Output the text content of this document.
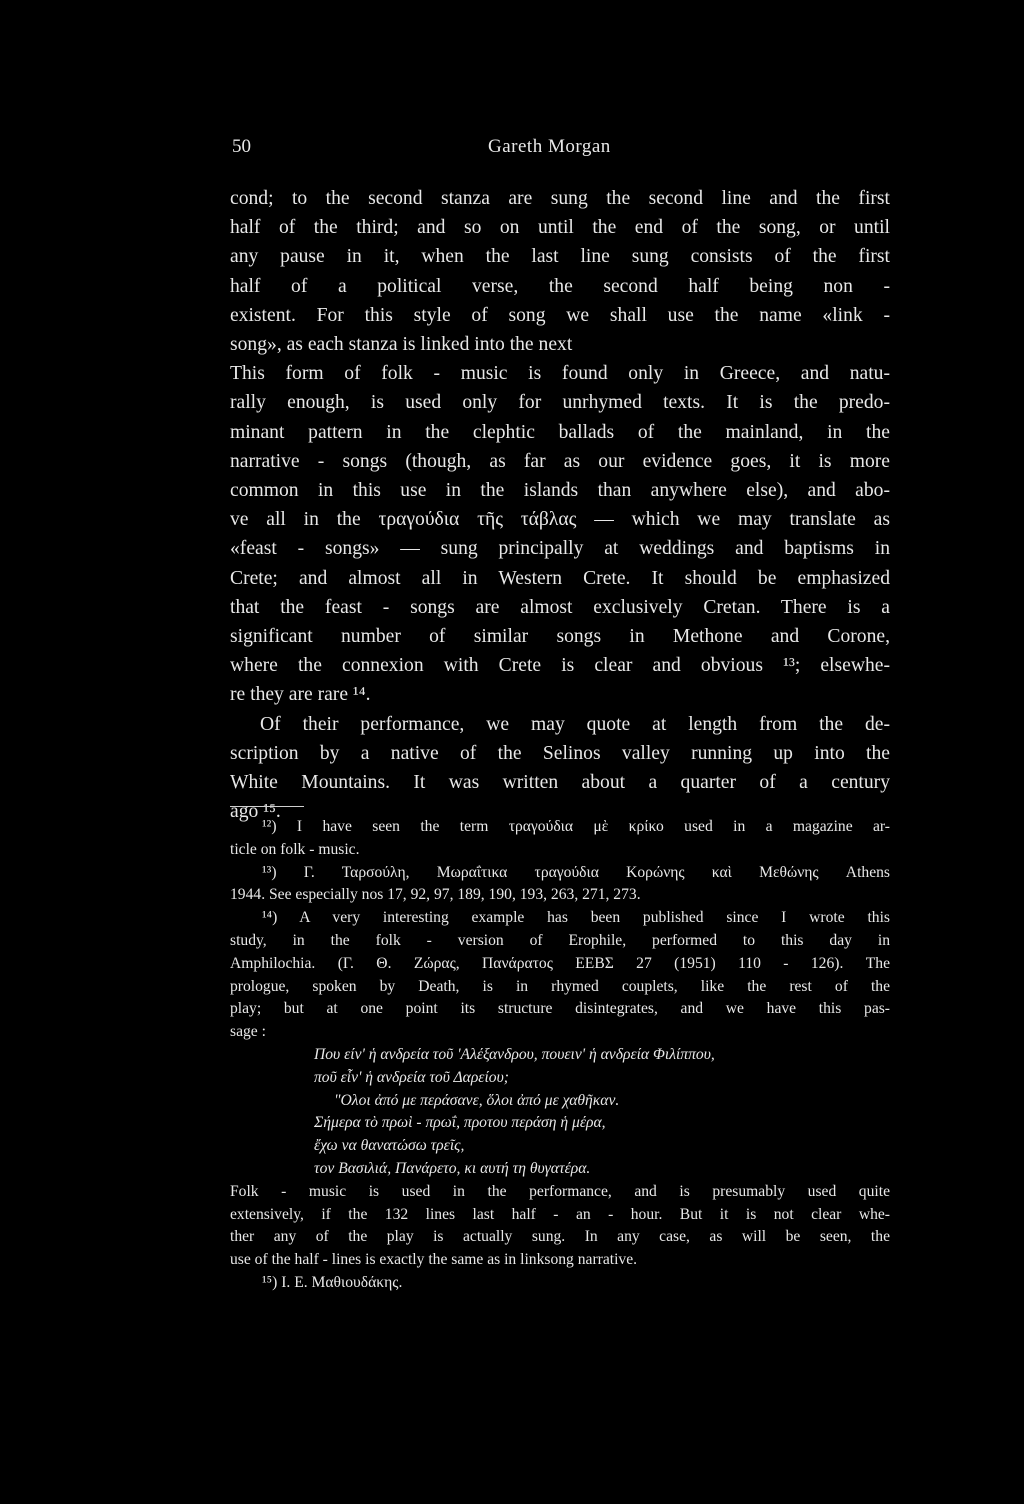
50	Gareth Morgan
cond; to the second stanza are sung the second line and the first
half of the third; and so on until the end of the song, or until
any pause in it, when the last line sung consists of the first
half of a political verse, the second half being non -
existent. For this style of song we shall use the name «link -
song», as each stanza is linked into the next
This form of folk - music is found only in Greece, and natu-
rally enough, is used only for unrhymed texts. It is the predo-
minant pattern in the clephtic ballads of the mainland, in the
narrative - songs (though, as far as our evidence goes, it is more
common in this use in the islands than anywhere else), and abo-
ve all in the τραγούδια τῆς τάβλας — which we may translate as
«feast - songs» — sung principally at weddings and baptisms in
Crete; and almost all in Western Crete. It should be emphasized
that the feast - songs are almost exclusively Cretan. There is a
significant number of similar songs in Methone and Corone,
where the connexion with Crete is clear and obvious ¹³; elsewhe-
re they are rare ¹⁴.
Of their performance, we may quote at length from the de-
scription by a native of the Selinos valley running up into the
White Mountains. It was written about a quarter of a century
ago ¹⁵.
¹²) I have seen the term τραγούδια μὲ κρίκο used in a magazine ar-
ticle on folk - music.
¹³) Γ. Ταρσούλη, Μωραΐτικα τραγούδια Κορώνης καὶ Μεθώνης Athens
1944. See especially nos 17, 92, 97, 189, 190, 193, 263, 271, 273.
¹⁴) A very interesting example has been published since I wrote this
study, in the folk - version of Erophile, performed to this day in
Amphilochia. (Γ. Θ. Ζώρας, Πανάρατος ΕΕΒΣ 27 (1951) 110 - 126). The
prologue, spoken by Death, is in rhymed couplets, like the rest of the
play; but at one point its structure disintegrates, and we have this pas-
sage :
Που είν' ἡ ανδρεία τοῦ 'Αλέξανδρου, πουειν' ἡ ανδρεία Φιλίππου,
ποῦ εἶν' ἡ ανδρεία τοῦ Δαρείου;
"Ολοι ἀπό με περάσανε, ὅλοι ἀπό με χαθῆκαν.
Σήμερα τὸ πρωὶ - πρωΐ, προτου περάση ἡ μέρα,
ἔχω να θανατώσω τρεῖς,
τον Βασιλιά, Πανάρετο, κι αυτή τη θυγατέρα.
Folk - music is used in the performance, and is presumably used quite
extensively, if the 132 lines last half - an - hour. But it is not clear whe-
ther any of the play is actually sung. In any case, as will be seen, the
use of the half - lines is exactly the same as in linksong narrative.
¹⁵) Ι. Ε. Μαθιουδάκης.
